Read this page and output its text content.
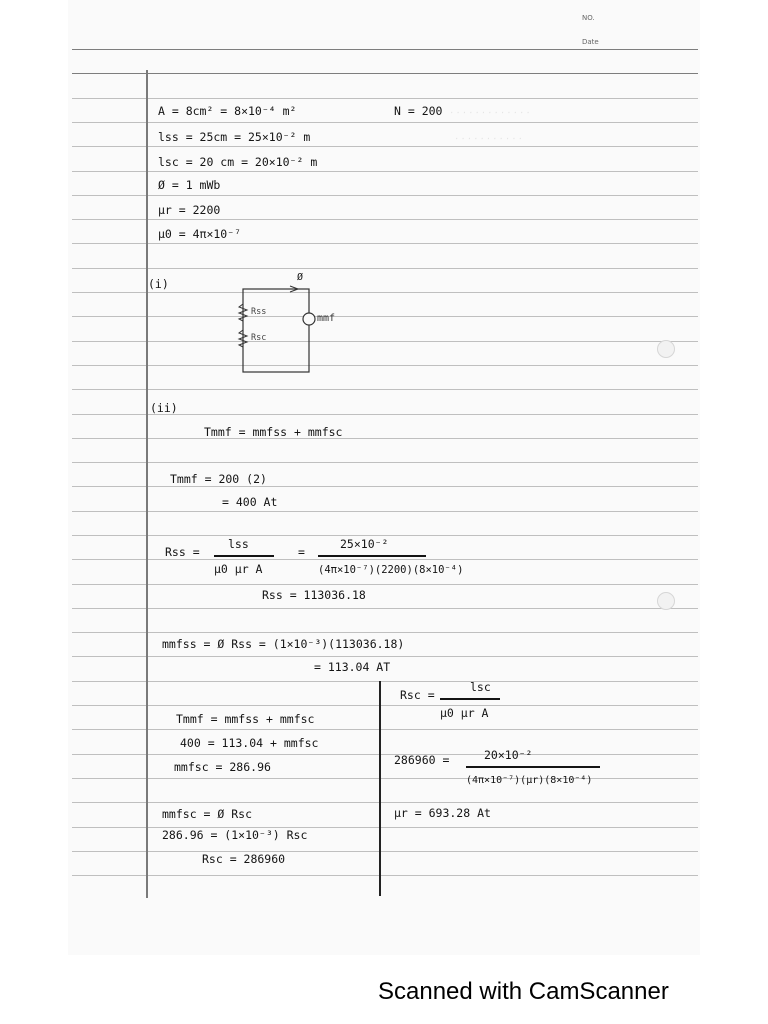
NO.
Date
· · · · · · · · · · · · ·
· · · · · · · · · · ·
A = 8cm² = 8×10⁻⁴ m²	N = 200
lss = 25cm = 25×10⁻² m
lsc = 20 cm = 20×10⁻² m
Ø = 1 mWb
μr = 2200
μ0 = 4π×10⁻⁷
(i)	Ø
Rss
Rsc
mmf
(ii)
Tmmf = mmfss + mmfsc
Tmmf = 200 (2)
= 400 At
Rss =
lss
μ0 μr A
=
25×10⁻²
(4π×10⁻⁷)(2200)(8×10⁻⁴)
Rss = 113036.18
mmfss = Ø Rss = (1×10⁻³)(113036.18)
= 113.04 AT
Tmmf = mmfss + mmfsc
400 = 113.04 + mmfsc
mmfsc = 286.96
mmfsc = Ø Rsc
286.96 = (1×10⁻³) Rsc
Rsc = 286960
Rsc =
lsc
μ0 μr A
286960 =	20×10⁻²
(4π×10⁻⁷)(μr)(8×10⁻⁴)
μr = 693.28 At
Scanned with CamScanner
